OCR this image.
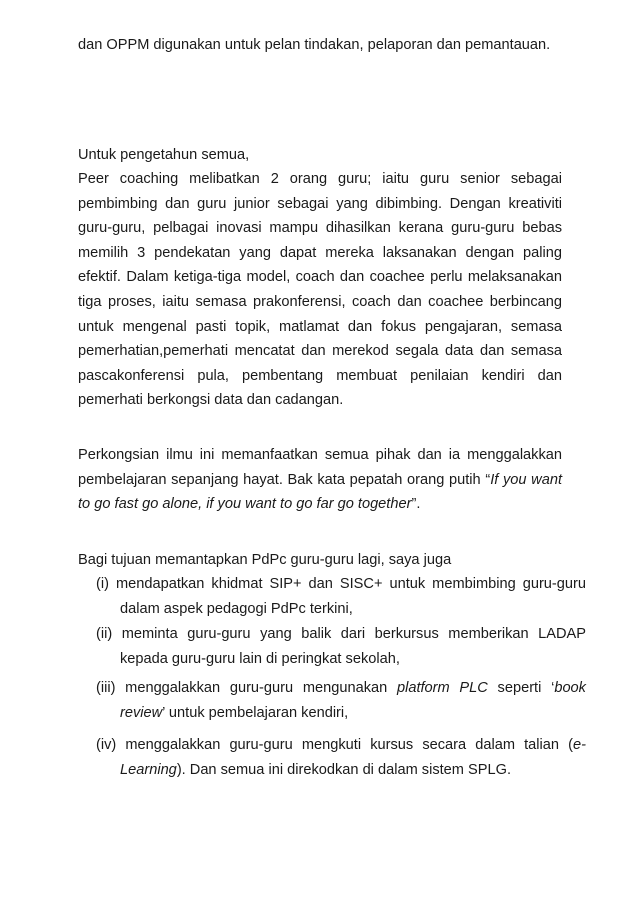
dan OPPM digunakan untuk pelan tindakan, pelaporan dan pemantauan.

Untuk pengetahun semua,

Peer coaching melibatkan 2 orang guru; iaitu guru senior sebagai pembimbing dan guru junior sebagai yang dibimbing. Dengan kreativiti guru-guru, pelbagai inovasi mampu dihasilkan kerana guru-guru bebas memilih 3 pendekatan yang dapat mereka laksanakan dengan paling efektif. Dalam ketiga-tiga model, coach dan coachee perlu melaksanakan tiga proses, iaitu semasa prakonferensi, coach dan coachee berbincang untuk mengenal pasti topik, matlamat dan fokus pengajaran, semasa pemerhatian,pemerhati mencatat dan merekod segala data dan semasa pascakonferensi pula, pembentang membuat penilaian kendiri dan pemerhati berkongsi data dan cadangan.

Perkongsian ilmu ini memanfaatkan semua pihak dan ia menggalakkan pembelajaran sepanjang hayat. Bak kata pepatah orang putih “If you want to go fast go alone, if you want to go far go together”.

Bagi tujuan memantapkan PdPc guru-guru lagi, saya juga

(i) mendapatkan khidmat SIP+ dan SISC+ untuk membimbing guru-guru dalam aspek pedagogi PdPc terkini,

(ii) meminta guru-guru yang balik dari berkursus memberikan LADAP kepada guru-guru lain di peringkat sekolah,

(iii) menggalakkan guru-guru mengunakan platform PLC seperti ‘book review’ untuk pembelajaran kendiri,

(iv) menggalakkan guru-guru mengkuti kursus secara dalam talian (e-Learning). Dan semua ini direkodkan di dalam sistem SPLG.
